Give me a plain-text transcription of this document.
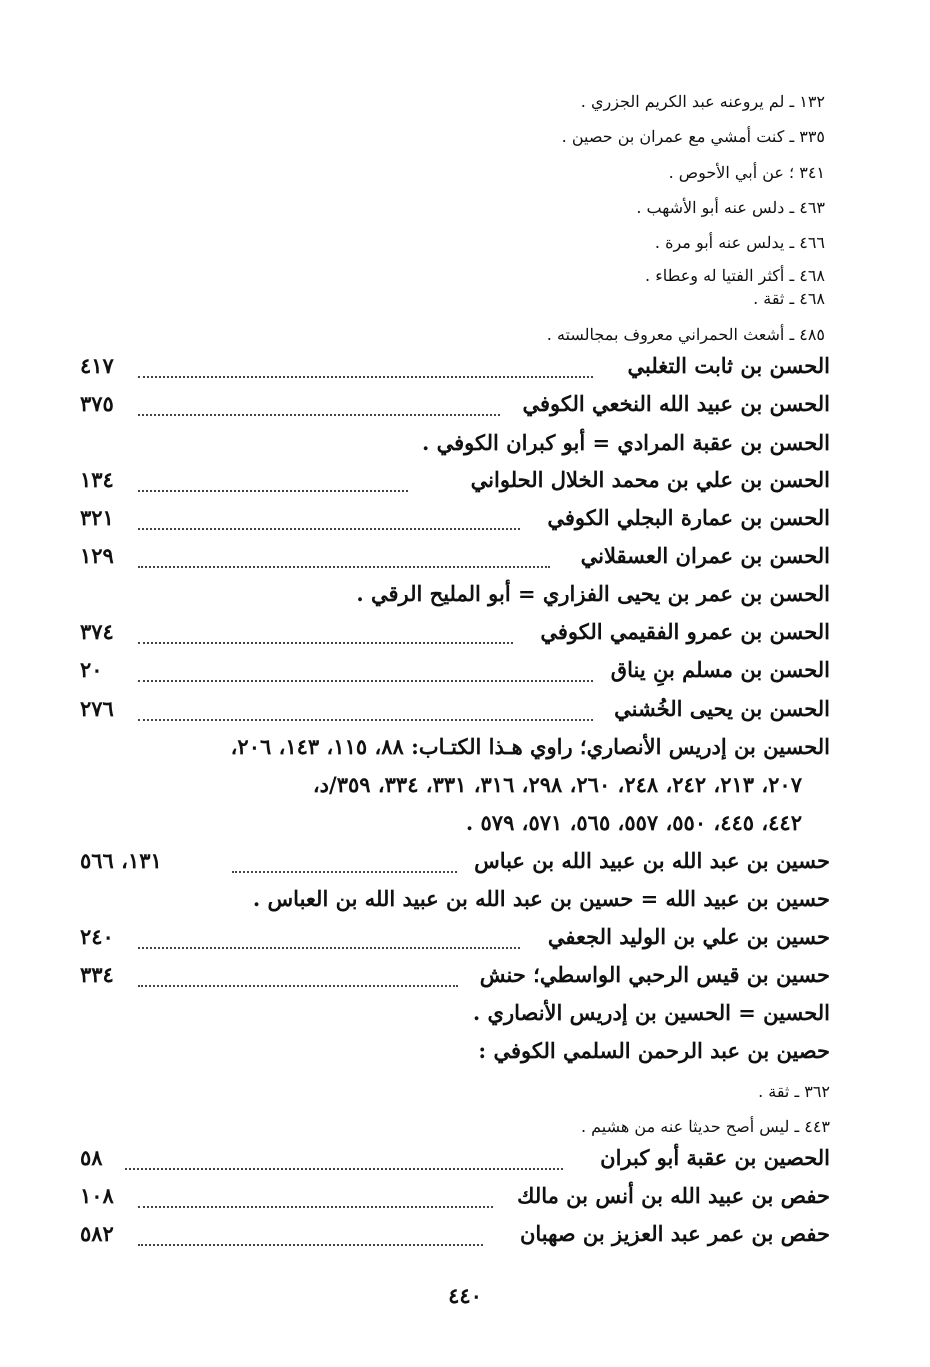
١٣٢ ـ لم يروعنه عبد الكريم الجزري .
٣٣٥ ـ كنت أمشي مع عمران بن حصين .
٣٤١ ؛ عن أبي الأحوص .
٤٦٣ ـ دلس عنه أبو الأشهب .
٤٦٦ ـ يدلس عنه أبو مرة .
٤٦٨ ـ أكثر الفتيا له وعطاء .
٤٦٨ ـ ثقة .
٤٨٥ ـ أشعث الحمراني معروف بمجالسته .
الحسن بن ثابت التغلبي
٤١٧
الحسن بن عبيد الله النخعي الكوفي
٣٧٥
الحسن بن عقبة المرادي = أبو كبران الكوفي .
الحسن بن علي بن محمد الخلال الحلواني
١٣٤
الحسن بن عمارة البجلي الكوفي
٣٢١
الحسن بن عمران العسقلاني
١٢٩
الحسن بن عمر بن يحيى الفزاري = أبو المليح الرقي .
الحسن بن عمرو الفقيمي الكوفي
٣٧٤
الحسن بن مسلم بنِ يناق
٢٠
الحسن بن يحيى الخُشني
٢٧٦
الحسين بن إدريس الأنصاري؛ راوي هـذا الكتـاب: ٨٨، ١١٥، ١٤٣، ٢٠٦،
٢٠٧، ٢١٣، ٢٤٢، ٢٤٨، ٢٦٠، ٢٩٨، ٣١٦، ٣٣١، ٣٣٤، ٣٥٩/د،
٤٤٢، ٤٤٥، ٥٥٠، ٥٥٧، ٥٦٥، ٥٧١، ٥٧٩ .
حسين بن عبد الله بن عبيد الله بن عباس
١٣١، ٥٦٦
حسين بن عبيد الله = حسين بن عبد الله بن عبيد الله بن العباس .
حسين بن علي بن الوليد الجعفي
٢٤٠
حسين بن قيس الرحبي الواسطي؛ حنش
٣٣٤
الحسين = الحسين بن إدريس الأنصاري .
حصين بن عبد الرحمن السلمي الكوفي :
٣٦٢ ـ ثقة .
٤٤٣ ـ ليس أصح حديثا عنه من هشيم .
الحصين بن عقبة أبو كبران
٥٨
حفص بن عبيد الله بن أنس بن مالك
١٠٨
حفص بن عمر عبد العزيز بن صهبان
٥٨٢
٤٤٠
